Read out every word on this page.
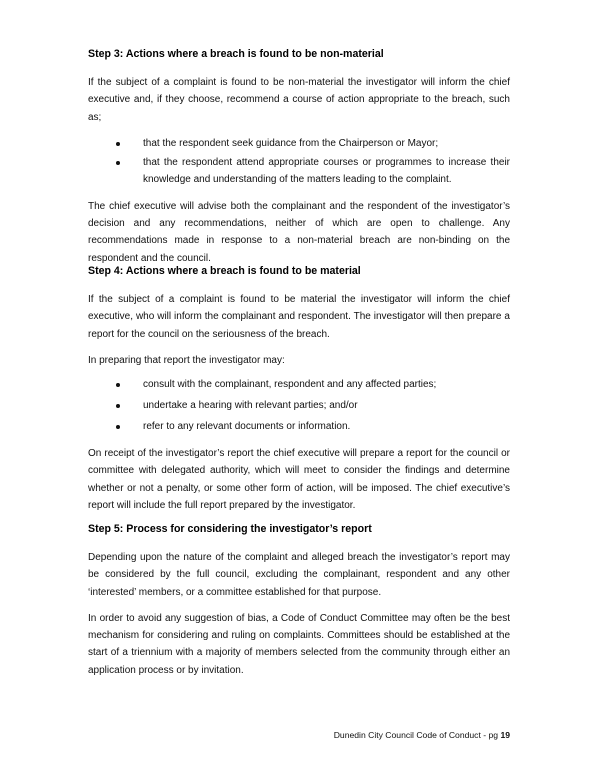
Step 3: Actions where a breach is found to be non-material

If the subject of a complaint is found to be non-material the investigator will inform the chief executive and, if they choose, recommend a course of action appropriate to the breach, such as;

that the respondent seek guidance from the Chairperson or Mayor;
that the respondent attend appropriate courses or programmes to increase their knowledge and understanding of the matters leading to the complaint.

The chief executive will advise both the complainant and the respondent of the investigator’s decision and any recommendations, neither of which are open to challenge. Any recommendations made in response to a non-material breach are non-binding on the respondent and the council.

Step 4: Actions where a breach is found to be material

If the subject of a complaint is found to be material the investigator will inform the chief executive, who will inform the complainant and respondent. The investigator will then prepare a report for the council on the seriousness of the breach.

In preparing that report the investigator may:

consult with the complainant, respondent and any affected parties;
undertake a hearing with relevant parties; and/or
refer to any relevant documents or information.

On receipt of the investigator’s report the chief executive will prepare a report for the council or committee with delegated authority, which will meet to consider the findings and determine whether or not a penalty, or some other form of action, will be imposed. The chief executive’s report will include the full report prepared by the investigator.

Step 5: Process for considering the investigator’s report

Depending upon the nature of the complaint and alleged breach the investigator’s report may be considered by the full council, excluding the complainant, respondent and any other ‘interested’ members, or a committee established for that purpose.

In order to avoid any suggestion of bias, a Code of Conduct Committee may often be the best mechanism for considering and ruling on complaints. Committees should be established at the start of a triennium with a majority of members selected from the community through either an application process or by invitation.

Dunedin City Council Code of Conduct - pg 19
